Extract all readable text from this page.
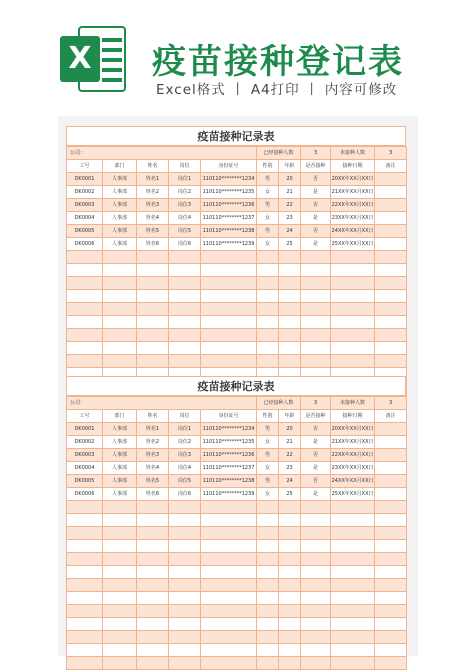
X 疫苗接种登记表
Excel格式 丨 A4打印 丨 内容可修改
疫苗接种记录表
公司：					已经接种人数		3	未接种人数	3
工号	部门	姓名	岗位	身份证号	性别	年龄	是否接种	接种日期	备注
DK0001	人事部	姓名1	岗位1	110110********1234	男	20	否	20XX年XX月XX日	
DK0002	人事部	姓名2	岗位2	110110********1235	女	21	是	21XX年XX月XX日	
DK0003	人事部	姓名3	岗位3	110110********1236	男	22	否	22XX年XX月XX日	
DK0004	人事部	姓名4	岗位4	110110********1237	女	23	是	23XX年XX月XX日	
DK0005	人事部	姓名5	岗位5	110110********1238	男	24	否	24XX年XX月XX日	
DK0006	人事部	姓名6	岗位6	110110********1239	女	25	是	25XX年XX月XX日	

疫苗接种记录表
公司：					已经接种人数		3	未接种人数	3
工号	部门	姓名	岗位	身份证号	性别	年龄	是否接种	接种日期	备注
DK0001	人事部	姓名1	岗位1	110110********1234	男	20	否	20XX年XX月XX日	
DK0002	人事部	姓名2	岗位2	110110********1235	女	21	是	21XX年XX月XX日	
DK0003	人事部	姓名3	岗位3	110110********1236	男	22	否	22XX年XX月XX日	
DK0004	人事部	姓名4	岗位4	110110********1237	女	23	是	23XX年XX月XX日	
DK0005	人事部	姓名5	岗位5	110110********1238	男	24	否	24XX年XX月XX日	
DK0006	人事部	姓名6	岗位6	110110********1239	女	25	是	25XX年XX月XX日	
